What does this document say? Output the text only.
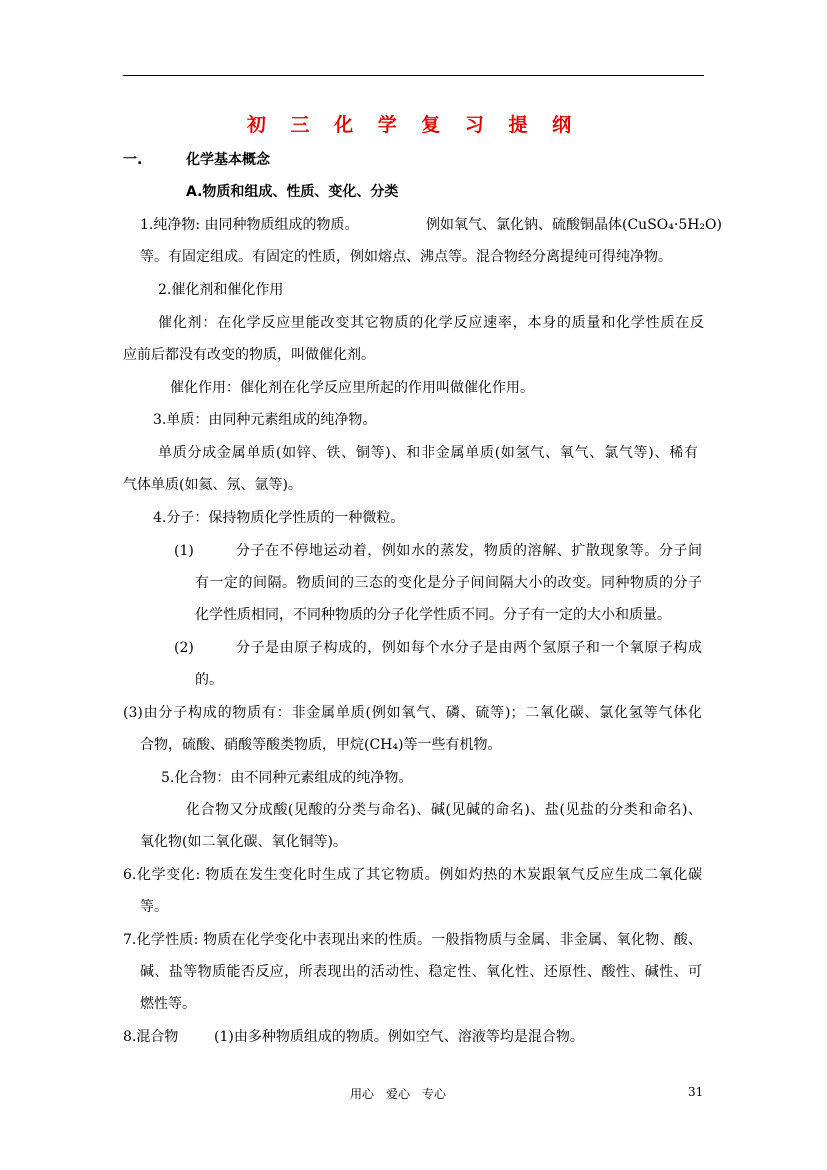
初 三 化 学 复 习 提 纲
一.	化学基本概念
A.物质和组成、性质、变化、分类
1.纯净物: 由同种物质组成的物质。	例如氧气、氯化钠、硫酸铜晶体(CuSO₄·5H₂O)
等。有固定组成。有固定的性质，例如熔点、沸点等。混合物经分离提纯可得纯净物。
2.催化剂和催化作用
催化剂：在化学反应里能改变其它物质的化学反应速率，本身的质量和化学性质在反
应前后都没有改变的物质，叫做催化剂。
催化作用：催化剂在化学反应里所起的作用叫做催化作用。
3.单质：由同种元素组成的纯净物。
单质分成金属单质(如锌、铁、铜等)、和非金属单质(如氢气、氧气、氯气等)、稀有
气体单质(如氦、氖、氩等)。
4.分子：保持物质化学性质的一种微粒。
(1)	分子在不停地运动着，例如水的蒸发，物质的溶解、扩散现象等。分子间
有一定的间隔。物质间的三态的变化是分子间间隔大小的改变。同种物质的分子
化学性质相同，不同种物质的分子化学性质不同。分子有一定的大小和质量。
(2)	分子是由原子构成的，例如每个水分子是由两个氢原子和一个氧原子构成
的。
(3)由分子构成的物质有：非金属单质(例如氧气、磷、硫等)；二氧化碳、氯化氢等气体化
合物，硫酸、硝酸等酸类物质，甲烷(CH₄)等一些有机物。
5.化合物：由不同种元素组成的纯净物。
化合物又分成酸(见酸的分类与命名)、碱(见碱的命名)、盐(见盐的分类和命名)、
氧化物(如二氧化碳、氧化铜等)。
6.化学变化: 物质在发生变化时生成了其它物质。例如灼热的木炭跟氧气反应生成二氧化碳
等。
7.化学性质: 物质在化学变化中表现出来的性质。一般指物质与金属、非金属、氧化物、酸、
碱、盐等物质能否反应，所表现出的活动性、稳定性、氧化性、还原性、酸性、碱性、可
燃性等。
8.混合物	(1)由多种物质组成的物质。例如空气、溶液等均是混合物。
用心　爱心　专心	31
